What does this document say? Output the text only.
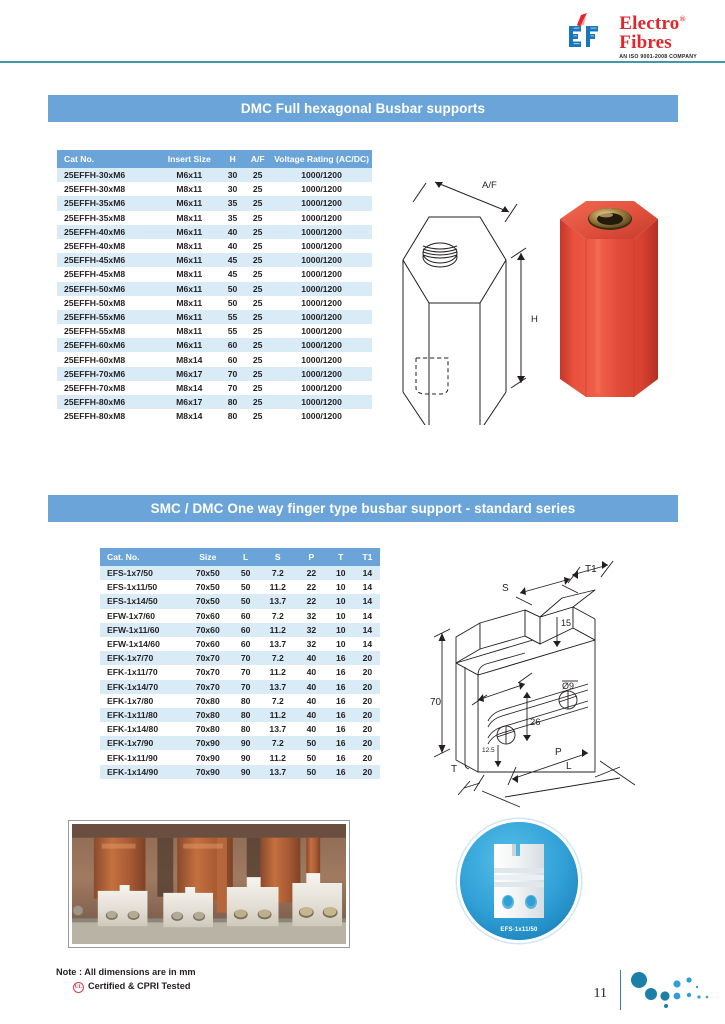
Electro®
Fibres
AN ISO 9001-2008 COMPANY
DMC Full hexagonal Busbar supports
Cat No.	Insert Size	H	A/F	Voltage Rating (AC/DC)
25EFFH-30xM6	M6x11	30	25	1000/1200
25EFFH-30xM8	M8x11	30	25	1000/1200
25EFFH-35xM6	M6x11	35	25	1000/1200
25EFFH-35xM8	M8x11	35	25	1000/1200
25EFFH-40xM6	M6x11	40	25	1000/1200
25EFFH-40xM8	M8x11	40	25	1000/1200
25EFFH-45xM6	M6x11	45	25	1000/1200
25EFFH-45xM8	M8x11	45	25	1000/1200
25EFFH-50xM6	M6x11	50	25	1000/1200
25EFFH-50xM8	M8x11	50	25	1000/1200
25EFFH-55xM6	M6x11	55	25	1000/1200
25EFFH-55xM8	M8x11	55	25	1000/1200
25EFFH-60xM6	M6x11	60	25	1000/1200
25EFFH-60xM8	M8x14	60	25	1000/1200
25EFFH-70xM6	M6x17	70	25	1000/1200
25EFFH-70xM8	M8x14	70	25	1000/1200
25EFFH-80xM6	M6x17	80	25	1000/1200
25EFFH-80xM8	M8x14	80	25	1000/1200
A/F
H
SMC / DMC One way finger type busbar support - standard series
Cat. No.	Size	L	S	P	T	T1
EFS-1x7/50	70x50	50	7.2	22	10	14
EFS-1x11/50	70x50	50	11.2	22	10	14
EFS-1x14/50	70x50	50	13.7	22	10	14
EFW-1x7/60	70x60	60	7.2	32	10	14
EFW-1x11/60	70x60	60	11.2	32	10	14
EFW-1x14/60	70x60	60	13.7	32	10	14
EFK-1x7/70	70x70	70	7.2	40	16	20
EFK-1x11/70	70x70	70	11.2	40	16	20
EFK-1x14/70	70x70	70	13.7	40	16	20
EFK-1x7/80	70x80	80	7.2	40	16	20
EFK-1x11/80	70x80	80	11.2	40	16	20
EFK-1x14/80	70x80	80	13.7	40	16	20
EFK-1x7/90	70x90	90	7.2	50	16	20
EFK-1x11/90	70x90	90	11.2	50	16	20
EFK-1x14/90	70x90	90	13.7	50	16	20
70
T
12.5
26
P
L
Ø9
S
T1
15
EFS-1x11/50
Note : All dimensions are in mm
UL Certified & CPRI Tested	11
